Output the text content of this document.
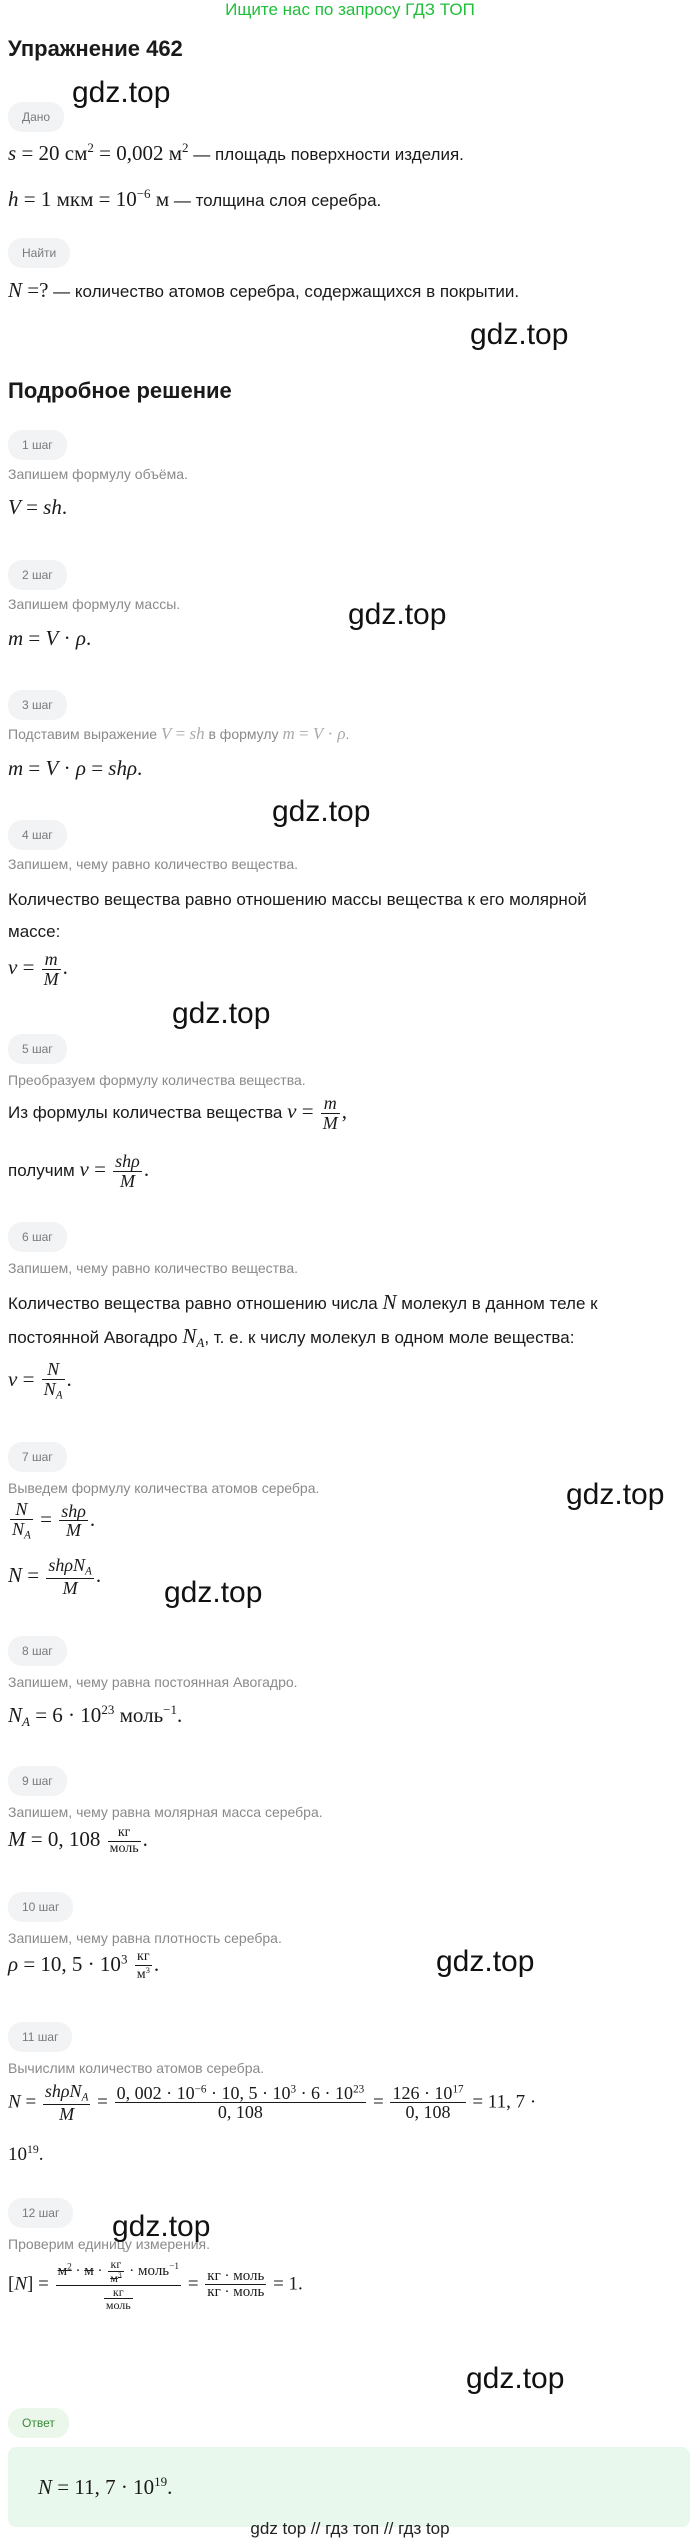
Ищите нас по запросу ГДЗ ТОП
Упражнение 462
Дано
s = 20 $см^2 = 0,002$ $м^2$ — площадь поверхности изделия.
h = 1 мкм = $10^{-6}$ м — толщина слоя серебра.
Найти
N =? — количество атомов серебра, содержащихся в покрытии.
Подробное решение
1 шаг
Запишем формулу объёма.
V = sh.
2 шаг
Запишем формулу массы.
m = V · ρ.
3 шаг
Подставим выражение V = sh в формулу m = V · ρ.
m = V · ρ = shρ.
4 шаг
Запишем, чему равно количество вещества.
Количество вещества равно отношению массы вещества к его молярной
массе:
$\nu = \frac{m}{M}$ .
5 шаг
Преобразуем формулу количества вещества.
Из формулы количества вещества $\nu = \frac{m}{M}$ ,
получим $\nu = \frac{\text{shρ}}{M}$ .
6 шаг
Запишем, чему равно количество вещества.
Количество вещества равно отношению числа N молекул в данном теле к
постоянной Авогадро $N_A$, т. е. к числу молекул в одном моле вещества:
$\nu = \frac{N}{N_A}$ .
7 шаг
Выведем формулу количества атомов серебра.
$\frac{N}{N_A} = \frac{\text{shρ}}{M}$ .
$N = \frac{sh\rho N_A}{M}$ .
8 шаг
Запишем, чему равна постоянная Авогадро.
$N_A = 6 \cdot 10^{23}$ моль$^{-1}$.
9 шаг
Запишем, чему равна молярная масса серебра.
M = 0, $108 \frac{кг}{\text{моль}}$ .
10 шаг
Запишем, чему равна плотность серебра.
ρ = 10, $5 \cdot 10^3 \frac{кг}{м^3}$ .
11 шаг
Вычислим количество атомов серебра.
$N = \frac{sh\rho N_A}{M} = \frac{0, 002 \cdot 10^{-6} \cdot 10, 5 \cdot 10^3 \cdot 6 \cdot 10^{23}}{0, 108} = \frac{126 \cdot 10^{17}}{0, 108} = 11$, 7 ·
$10^{19}$.
12 шаг
Проверим единицу измерения.
$[N] = \frac{м^2 \cdot м \cdot \frac{кг}{м^3} \cdot моль^{-1}}{\frac{кг}{\text{моль}}} = \frac{\text{кг · моль}}{\text{кг · моль}} = 1$.
Ответ
N = 11, $7 \cdot 10^{19}$.
gdz.top
gdz.top
gdz.top
gdz.top
gdz.top
gdz.top
gdz.top
gdz.top
gdz.top
gdz.top
gdz top // гдз топ // гдз top
